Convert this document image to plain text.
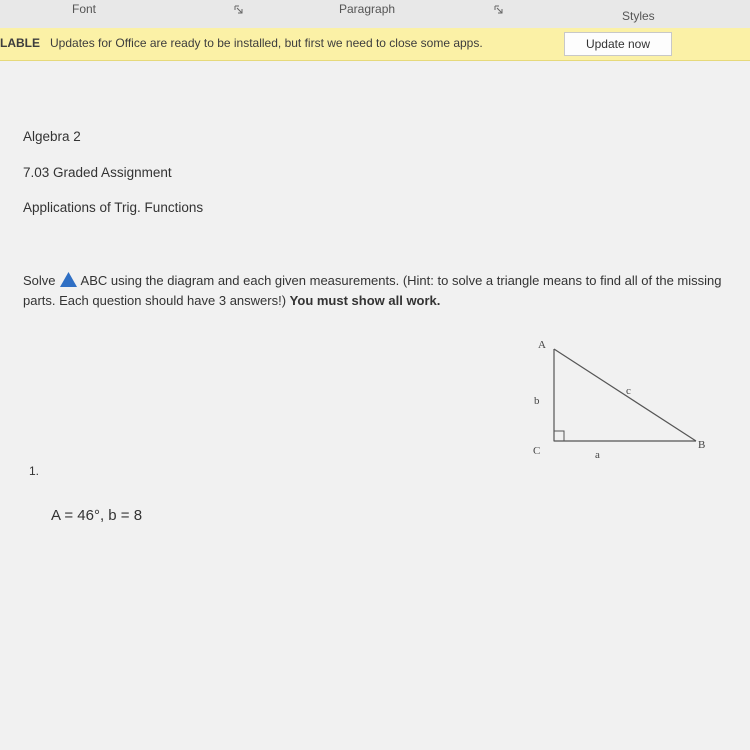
Font	Paragraph	Styles
LABLE Updates for Office are ready to be installed, but first we need to close some apps.	Update now
Algebra 2
7.03 Graded Assignment
Applications of Trig. Functions
Solve ABC using the diagram and each given measurements. (Hint: to solve a triangle means to find all of the missing parts. Each question should have 3 answers!) You must show all work.
A
B
C	a
b
c
1.
A = 46°, b = 8
